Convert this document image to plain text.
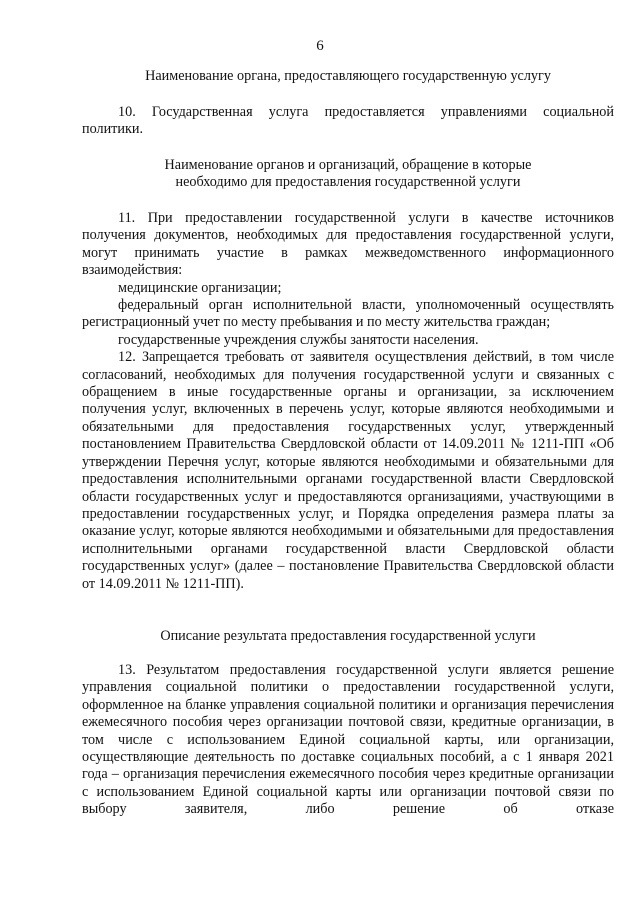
6
Наименование органа, предоставляющего государственную услугу
10. Государственная услуга предоставляется управлениями социальной политики.

Наименование органов и организаций, обращение в которые

необходимо для предоставления государственной услуги

11. При предоставлении государственной услуги в качестве источников получения документов, необходимых для предоставления государственной услуги, могут принимать участие в рамках межведомственного информационного взаимодействия:

медицинские организации;

федеральный орган исполнительной власти, уполномоченный осуществлять регистрационный учет по месту пребывания и по месту жительства граждан;

государственные учреждения службы занятости населения.

12. Запрещается требовать от заявителя осуществления действий, в том числе согласований, необходимых для получения государственной услуги и связанных с обращением в иные государственные органы и организации, за исключением получения услуг, включенных в перечень услуг, которые являются необходимыми и обязательными для предоставления государственных услуг, утвержденный постановлением Правительства Свердловской области от 14.09.2011 № 1211-ПП «Об утверждении Перечня услуг, которые являются необходимыми и обязательными для предоставления исполнительными органами государственной власти Свердловской области государственных услуг и предоставляются организациями, участвующими в предоставлении государственных услуг, и Порядка определения размера платы за оказание услуг, которые являются необходимыми и обязательными для предоставления исполнительными органами государственной власти Свердловской области государственных услуг» (далее – постановление Правительства Свердловской области от 14.09.2011 № 1211-ПП).

Описание результата предоставления государственной услуги
13. Результатом предоставления государственной услуги является решение управления социальной политики о предоставлении государственной услуги, оформленное на бланке управления социальной политики и организация перечисления ежемесячного пособия через организации почтовой связи, кредитные организации, в том числе с использованием Единой социальной карты, или организации, осуществляющие деятельность по доставке социальных пособий, а с 1 января 2021 года – организация перечисления ежемесячного пособия через кредитные организации с использованием Единой социальной карты или организации почтовой связи по выбору заявителя, либо решение об отказе
